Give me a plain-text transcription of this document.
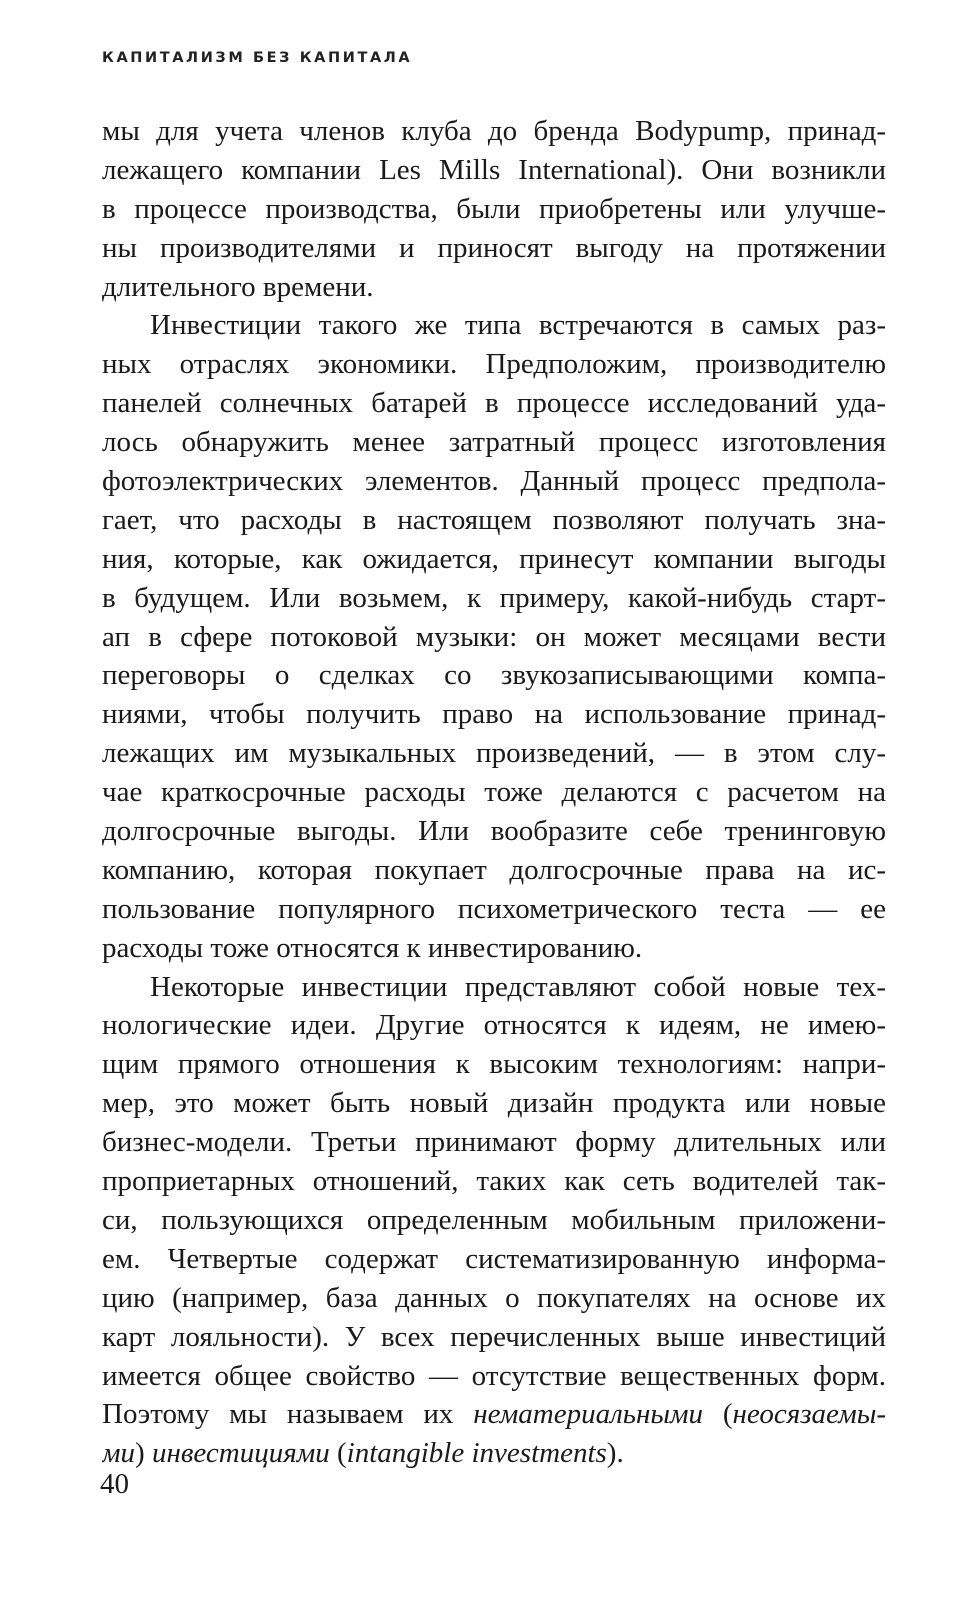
КАПИТАЛИЗМ БЕЗ КАПИТАЛА
мы для учета членов клуба до бренда Bodypump, принад-
лежащего компании Les Mills International). Они возникли
в процессе производства, были приобретены или улучше-
ны производителями и приносят выгоду на протяжении
длительного времени.
Инвестиции такого же типа встречаются в самых раз-
ных отраслях экономики. Предположим, производителю
панелей солнечных батарей в процессе исследований уда-
лось обнаружить менее затратный процесс изготовления
фотоэлектрических элементов. Данный процесс предпола-
гает, что расходы в настоящем позволяют получать зна-
ния, которые, как ожидается, принесут компании выгоды
в будущем. Или возьмем, к примеру, какой-нибудь старт-
ап в сфере потоковой музыки: он может месяцами вести
переговоры о сделках со звукозаписывающими компа-
ниями, чтобы получить право на использование принад-
лежащих им музыкальных произведений, — в этом слу-
чае краткосрочные расходы тоже делаются с расчетом на
долгосрочные выгоды. Или вообразите себе тренинговую
компанию, которая покупает долгосрочные права на ис-
пользование популярного психометрического теста — ее
расходы тоже относятся к инвестированию.
Некоторые инвестиции представляют собой новые тех-
нологические идеи. Другие относятся к идеям, не имею-
щим прямого отношения к высоким технологиям: напри-
мер, это может быть новый дизайн продукта или новые
бизнес-модели. Третьи принимают форму длительных или
проприетарных отношений, таких как сеть водителей так-
си, пользующихся определенным мобильным приложени-
ем. Четвертые содержат систематизированную информа-
цию (например, база данных о покупателях на основе их
карт лояльности). У всех перечисленных выше инвестиций
имеется общее свойство — отсутствие вещественных форм.
Поэтому мы называем их нематериальными (неосязаемы-
ми) инвестициями (intangible investments).
40
